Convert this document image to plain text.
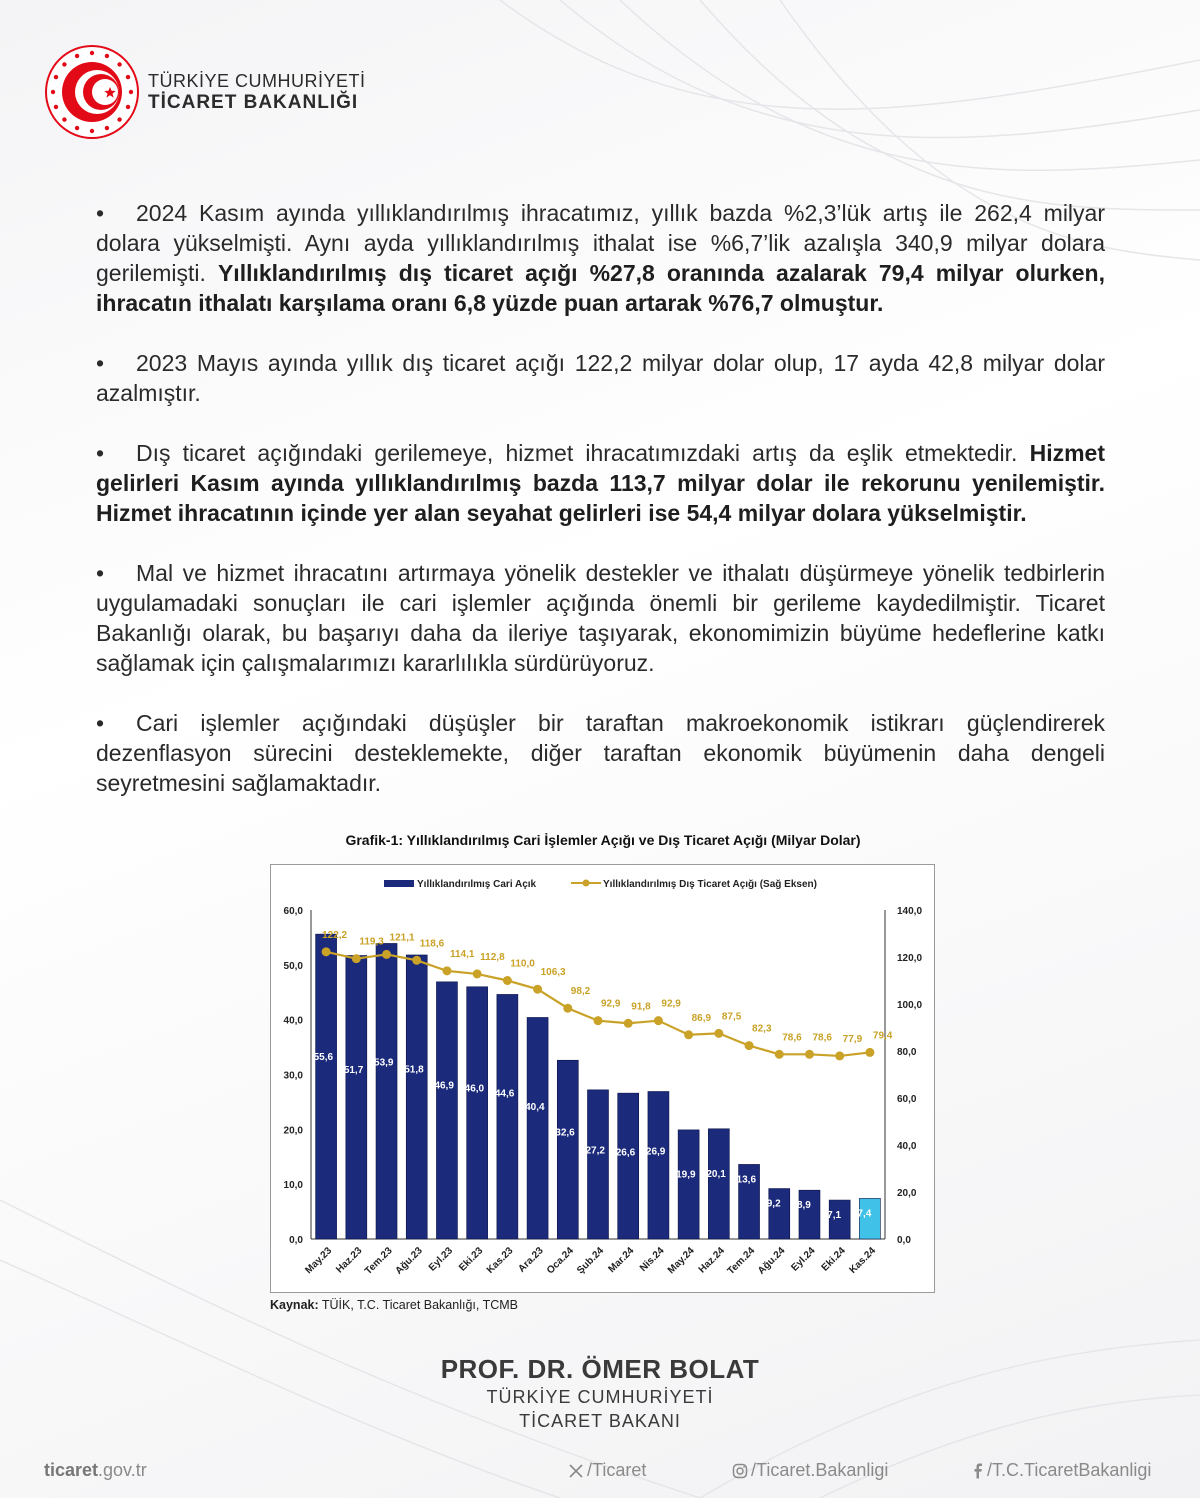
TÜRKİYE CUMHURİYETİ
TİCARET BAKANLIĞI

• 2024 Kasım ayında yıllıklandırılmış ihracatımız, yıllık bazda %2,3’lük artış ile 262,4 milyar dolara yükselmişti. Aynı ayda yıllıklandırılmış ithalat ise %6,7’lik azalışla 340,9 milyar dolara gerilemişti. Yıllıklandırılmış dış ticaret açığı %27,8 oranında azalarak 79,4 milyar olurken, ihracatın ithalatı karşılama oranı 6,8 yüzde puan artarak %76,7 olmuştur.

• 2023 Mayıs ayında yıllık dış ticaret açığı 122,2 milyar dolar olup, 17 ayda 42,8 milyar dolar azalmıştır.

• Dış ticaret açığındaki gerilemeye, hizmet ihracatımızdaki artış da eşlik etmektedir. Hizmet gelirleri Kasım ayında yıllıklandırılmış bazda 113,7 milyar dolar ile rekorunu yenilemiştir. Hizmet ihracatının içinde yer alan seyahat gelirleri ise 54,4 milyar dolara yükselmiştir.

• Mal ve hizmet ihracatını artırmaya yönelik destekler ve ithalatı düşürmeye yönelik tedbirlerin uygulamadaki sonuçları ile cari işlemler açığında önemli bir gerileme kaydedilmiştir. Ticaret Bakanlığı olarak, bu başarıyı daha da ileriye taşıyarak, ekonomimizin büyüme hedeflerine katkı sağlamak için çalışmalarımızı kararlılıkla sürdürüyoruz.

• Cari işlemler açığındaki düşüşler bir taraftan makroekonomik istikrarı güçlendirerek dezenflasyon sürecini desteklemekte, diğer taraftan ekonomik büyümenin daha dengeli seyretmesini sağlamaktadır.

Grafik-1: Yıllıklandırılmış Cari İşlemler Açığı ve Dış Ticaret Açığı (Milyar Dolar)
0,0
10,0
20,0
30,0
40,0
50,0
60,0
0,0
20,0
40,0
60,0
80,0
100,0
120,0
140,0
Yıllıklandırılmış Cari Açık	Yıllıklandırılmış Dış Ticaret Açığı (Sağ Eksen)
55,6
51,7
53,9
51,8
46,9 46,0 44,6
40,4
32,6
27,2 26,6 26,9
19,9 20,1
13,6
9,2 8,9
7,1 7,4
122,2
119,3 121,1
118,6
114,1 112,8
110,0
106,3
98,2
92,9 91,8 92,9
86,9 87,5
82,3
78,6 78,6 77,9 79,4
May.23 Haz.23
Tem.23
Ağu.23 Eyl.23 Eki.23 Kas.23 Ara.23 Oca.24 Şub.24 Mar.24 Nis.24 May.24 Haz.24
Tem.24
Ağu.24 Eyl.24 Eki.24 Kas.24
Kaynak: TÜİK, T.C. Ticaret Bakanlığı, TCMB
PROF. DR. ÖMER BOLAT
TÜRKİYE CUMHURİYETİ
TİCARET BAKANI
ticaret.gov.tr	/Ticaret	/Ticaret.Bakanligi	/T.C.TicaretBakanligi
